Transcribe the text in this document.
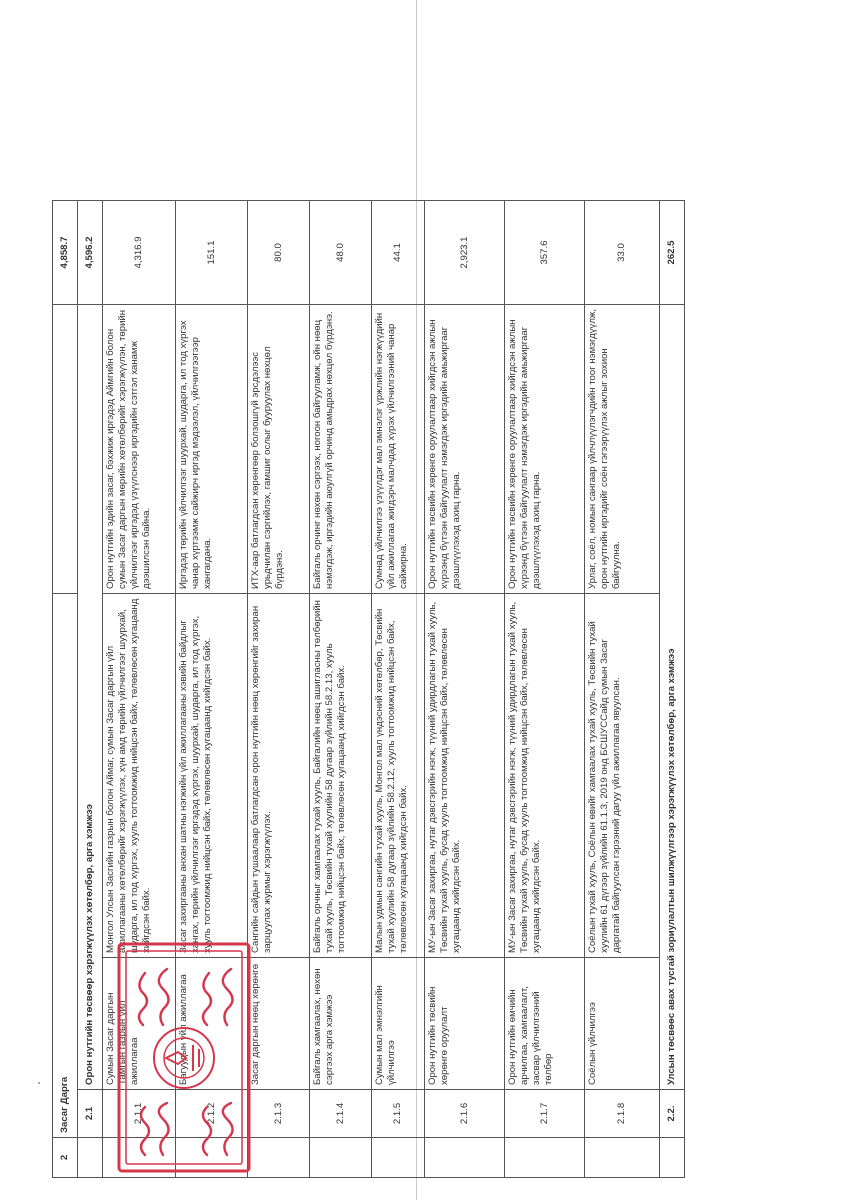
2	Засаг Дарга				4,858.7
	2.1	Орон нутгийн төсвөөр хэрэгжүүлэх хөтөлбөр, арга хэмжээ			4,596.2
	2.1.1	Сумын Засаг даргын Тамгын газрын үйл ажиллагаа	Монгол Улсын Засгийн газрын болон Аймаг, сумын Засаг даргын үйл ажиллагааны хөтөлбөрийг хэрэгжүүлэх, хүн амд төрийн үйлчилгээг шуурхай, шударга, ил тод хүргэх, хууль тогтоомжид нийцсэн байх, төлөвлөсөн хугацаанд хийгдсэн байх.	Орон нутгийн эдийн засаг, бэхжиж иргэдэд Аймгийн болон сумын Засаг даргын мөрийн хөтөлбөрийг хэрэгжүүлэн, төрийн үйлчилгээг иргэдэд үзүүлснээр иргэдийн сэтгэл ханамж дээшилсэн байна.	4,316.9
	2.1.2	Багуудын үйл ажиллагаа	Засаг захиргааны анхан шатны нэгжийн үйл ажиллагааны хэвийн байдлыг хангах, төрийн үйлчилгээг иргэдэд хүргэх, шуурхай, шударга, ил тод хүргэх, хууль тогтоомжид нийцсэн байх, төлөвлөсөн хугацаанд хийгдсэн байх.	Иргэдэд төрийн үйлчилгээг шуурхай, шударга, ил тод хүргэх чанар хүртээмж сайжирч иргэд мэдээлэл, үйлчилгээгээр хангагдана.	151.1
	2.1.3	Засаг даргын нөөц хөрөнгө	Сангийн сайдын тушаалаар батлагдсан орон нутгийн нөөц хөрөнгийг захиран зарцуулах журмыг хэрэгжүүлэх.	ИТХ-аар батлагдсан хөрөнгөөр болзошгүй эрсдэлээс урьдчилан сэргийлэх, гамшиг ослыг бууруулах нөхцөл бүрдэнэ.	80.0
	2.1.4	Байгаль хамгаалах, нөхөн сэргээх арга хэмжээ	Байгаль орчныг хамгаалах тухай хууль, Байгалийн нөөц ашигласны төлбөрийн тухай хууль, Төсвийн тухай хуулийн 58 дугаар зүйлийн 58.2.13, хууль тогтоомжид нийцсэн байх, төлөвлөсөн хугацаанд хийгдсэн байх.	Байгаль орчинг нөхөн сэргээх, ногоон байгууламж, ойн нөөц нэмэгдэж, иргэдийн аюулгүй орчинд амьдрах нөхцөл бүрдэнэ.	48.0
	2.1.5	Сумын мал эмнэлгийн үйлчилгээ	Малын удмын сангийн тухай хууль, Монгол мал үндэсний хөтөлбөр, Төсвийн тухай хуулийн 58 дугаар зүйлийн 58.2.12, хууль тогтоомжид нийцсэн байх, төлөвлөсөн хугацаанд хийгдсэн байх.	Сумнад үйлчилгээ үзүүлдэг мал эмнэлэг үржлийн нэгжүүдийн үйл ажиллагаа жигдэрч малчдад хүрэх үйлчилгээний чанар сайжирна.	44.1
	2.1.6	Орон нутгийн төсвийн хөрөнгө оруулалт	МУ-ын Засаг захиргаа, нутаг дэвсгэрийн нэгж, түүний удирдлагын тухай хууль, Төсвийн тухай хууль, бусад хууль тогтоомжид нийцсэн байх, төлөвлөсөн хугацаанд хийгдсэн байх.	Орон нутгийн төсвийн хөрөнгө оруулалтаар хийгдсэн ажлын хүрээнд бүтээн байгуулалт нэмэгдэж иргэдийн амьжиргааг дээшлүүлэхэд ахиц гарна.	2,923.1
	2.1.7	Орон нутгийн өмчийн арчилгаа, хамгаалалт, засвар үйлчилгээний төлбөр	МУ-ын Засаг захиргаа, нутаг дэвсгэрийн нэгж, түүний удирдлагын тухай хууль, Төсвийн тухай хууль, бусад хууль тогтоомжид нийцсэн байх, төлөвлөсөн хугацаанд хийгдсэн байх.	Орон нутгийн төсвийн хөрөнгө оруулалтаар хийгдсэн ажлын хүрээнд бүтээн байгуулалт нэмэгдэж иргэдийн амьжиргааг дээшлүүлэхэд ахиц гарна.	357.6
	2.1.8	Соёлын үйлчилгээ	Соёлын тухай хууль, Соёлын өвийг хамгаалах тухай хууль, Төсвийн тухай хуулийн 61 дүгээр зүйлийн 61.1.3, 2019 онд БСШУССайд сумын Засаг даргатай байгуулсан гэрээний дагуу үйл ажиллагаа явуулсан.	Урлаг, соёл, номын сангаар үйлчлүүлэгчдийн тоог нэмэгдүүлж, орон нутгийн иргэдийг соён гэгээрүүлэх ажлыг зохион байгуулна.	33.0
	2.2.	Улсын төсвөөс авах тусгай зориулалтын шилжүүлгээр хэрэгжүүлэх хөтөлбөр, арга хэмжээ			262.5
